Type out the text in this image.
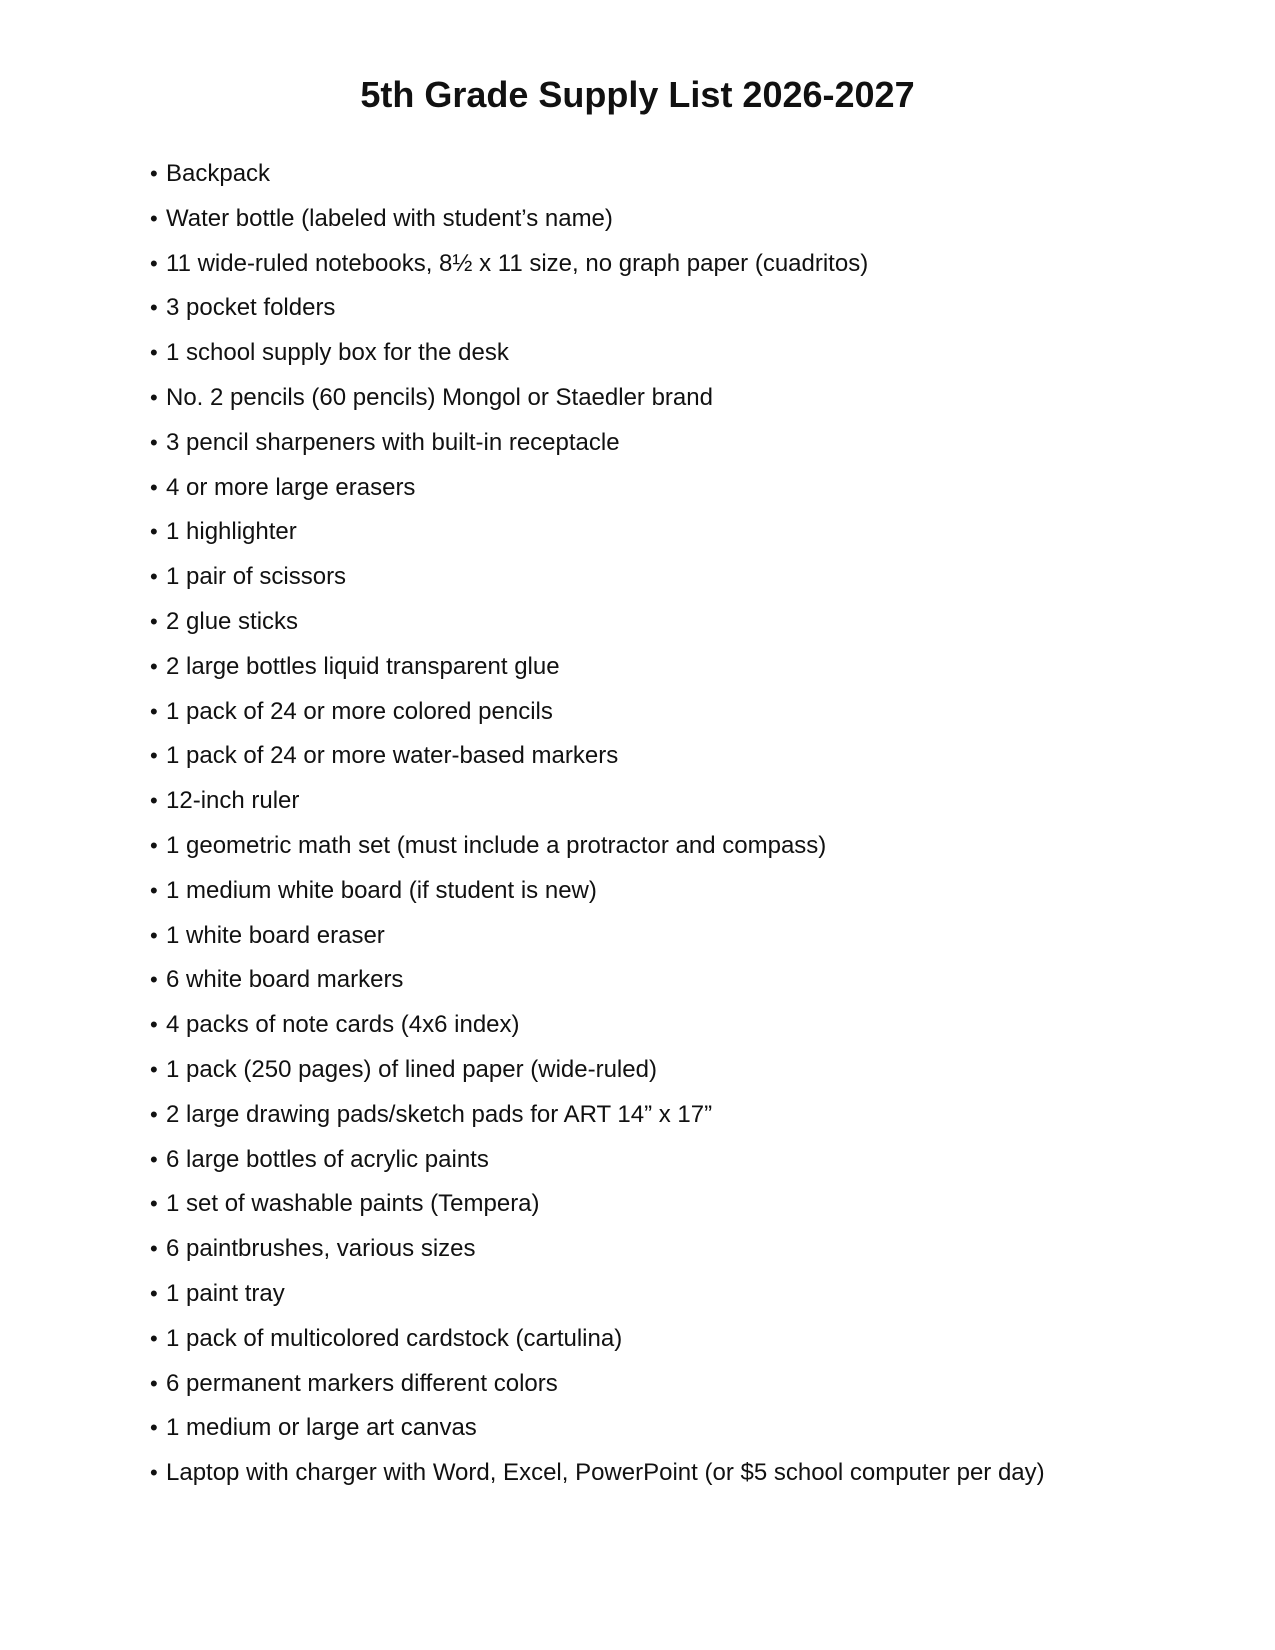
5th Grade Supply List 2026-2027
• Backpack
• Water bottle (labeled with student’s name)
• 11 wide-ruled notebooks, 8½ x 11 size, no graph paper (cuadritos)
• 3 pocket folders
• 1 school supply box for the desk
• No. 2 pencils (60 pencils) Mongol or Staedler brand
• 3 pencil sharpeners with built-in receptacle
• 4 or more large erasers
• 1 highlighter
• 1 pair of scissors
• 2 glue sticks
• 2 large bottles liquid transparent glue
• 1 pack of 24 or more colored pencils
• 1 pack of 24 or more water-based markers
• 12-inch ruler
• 1 geometric math set (must include a protractor and compass)
• 1 medium white board (if student is new)
• 1 white board eraser
• 6 white board markers
• 4 packs of note cards (4x6 index)
• 1 pack (250 pages) of lined paper (wide-ruled)
• 2 large drawing pads/sketch pads for ART 14” x 17”
• 6 large bottles of acrylic paints
• 1 set of washable paints (Tempera)
• 6 paintbrushes, various sizes
• 1 paint tray
• 1 pack of multicolored cardstock (cartulina)
• 6 permanent markers different colors
• 1 medium or large art canvas
• Laptop with charger with Word, Excel, PowerPoint (or $5 school computer per day)
